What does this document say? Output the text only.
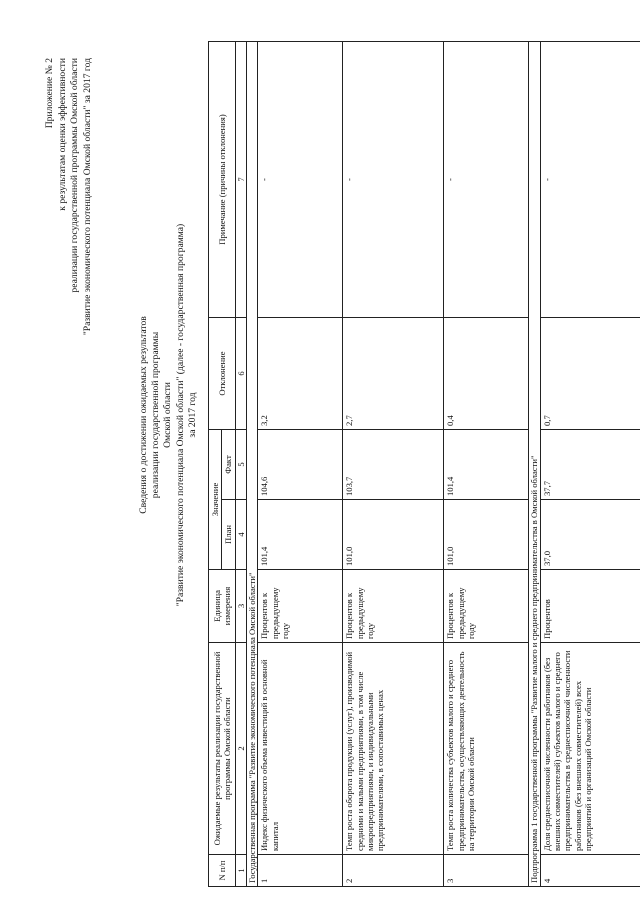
Приложение № 2 к результатам оценки эффективности реализации государственной программы Омской области "Развитие экономического потенциала Омской области" за 2017 год
Сведения о достижении ожидаемых результатов реализации государственной программы Омской области "Развитие экономического потенциала Омской области" (далее - государственная программа) за 2017 год
N п/п	Ожидаемые результаты реализации государственной программы Омской области	Единица измерения	Значение		Отклонение	Примечание (причины отклонения)
			План	Факт		
1	2	3	4	5	6	7
Государственная программа "Развитие экономического потенциала Омской области"						
1	Индекс физического объема инвестиций в основной капитал	Процентов к предыдущему году	101,4	104,6	3,2	-
2	Темп роста оборота продукции (услуг), производимой средними и малыми предприятиями, в том числе микропредприятиями, и индивидуальными предпринимателями, в сопоставимых ценах	Процентов к предыдущему году	101,0	103,7	2,7	-
3	Темп роста количества субъектов малого и среднего предпринимательства, осуществляющих деятельность на территории Омской области	Процентов к предыдущему году	101,0	101,4	0,4	-
Подпрограмма 1 государственной программы "Развитие малого и среднего предпринимательства в Омской области"						
4	Доля среднесписочной численности работников (без внешних совместителей) субъектов малого и среднего предпринимательства в среднесписочной численности работников (без внешних совместителей) всех предприятий и организаций Омской области	Процентов	37,0	37,7	0,7	-
